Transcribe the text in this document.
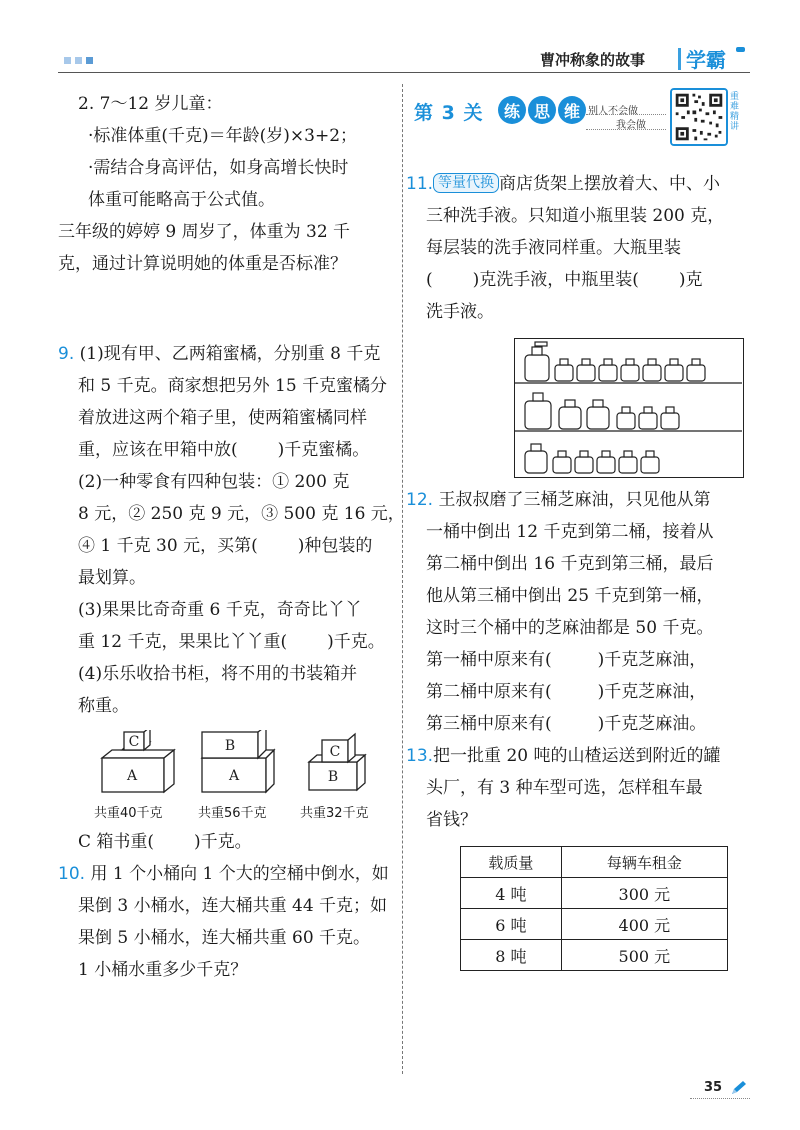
曹冲称象的故事 学霸
2. 7～12 岁儿童：
·标准体重(千克)＝年龄(岁)×3+2；
·需结合身高评估，如身高增长快时
体重可能略高于公式值。
三年级的婷婷 9 周岁了，体重为 32 千
克，通过计算说明她的体重是否标准？
9. (1)现有甲、乙两箱蜜橘，分别重 8 千克
和 5 千克。商家想把另外 15 千克蜜橘分
着放进这两个箱子里，使两箱蜜橘同样
重，应该在甲箱中放( )千克蜜橘。
(2)一种零食有四种包装：① 200 克
8 元，② 250 克 9 元，③ 500 克 16 元，
④ 1 千克 30 元，买第( )种包装的
最划算。
(3)果果比奇奇重 6 千克，奇奇比丫丫
重 12 千克，果果比丫丫重( )千克。
(4)乐乐收拾书柜，将不用的书装箱并
称重。
C
A
B
A
C
B
共重40千克	共重56千克	共重32千克
C 箱书重( )千克。
10. 用 1 个小桶向 1 个大的空桶中倒水，如
果倒 3 小桶水，连大桶共重 44 千克；如
果倒 5 小桶水，连大桶共重 60 千克。
1 小桶水重多少千克？
第 3 关	练 思 维 别人不会做
我会做
重难精讲
11. 等量代换 商店货架上摆放着大、中、小
三种洗手液。只知道小瓶里装 200 克，
每层装的洗手液同样重。大瓶里装
( )克洗手液，中瓶里装( )克
洗手液。
12. 王叔叔磨了三桶芝麻油，只见他从第
一桶中倒出 12 千克到第二桶，接着从
第二桶中倒出 16 千克到第三桶，最后
他从第三桶中倒出 25 千克到第一桶，
这时三个桶中的芝麻油都是 50 千克。
第一桶中原来有(	)千克芝麻油，
第二桶中原来有(	)千克芝麻油，
第三桶中原来有(	)千克芝麻油。
13.把一批重 20 吨的山楂运送到附近的罐
头厂，有 3 种车型可选，怎样租车最
省钱？
载质量	每辆车租金
4 吨	300 元
6 吨	400 元
8 吨	500 元
35
